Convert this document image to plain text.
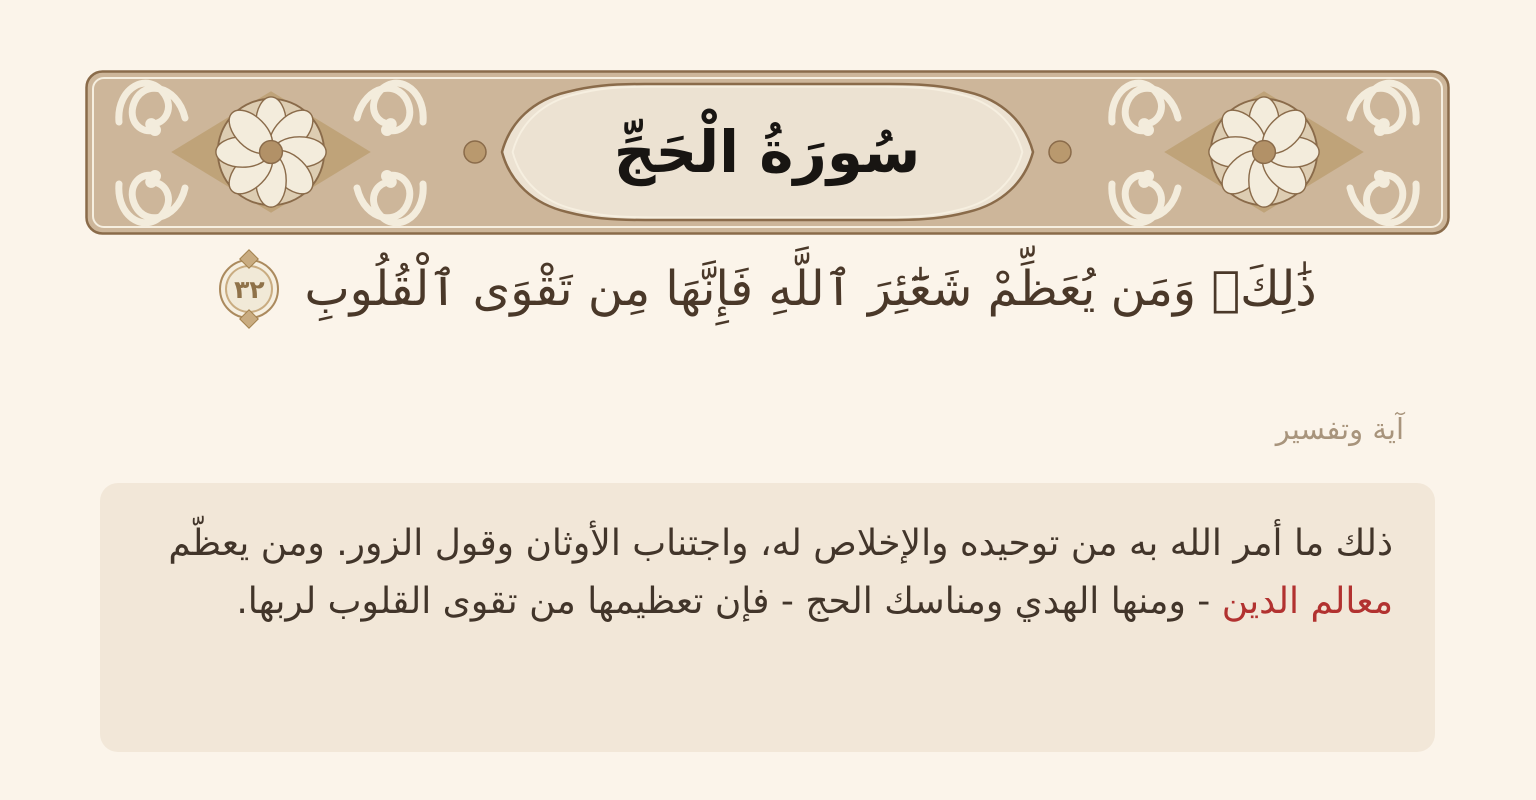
سُورَةُ الْحَجِّ
ذَٰلِكَۖ وَمَن يُعَظِّمْ شَعَٰٓئِرَ ٱللَّهِ فَإِنَّهَا مِن تَقْوَى ٱلْقُلُوبِ
٣٢
آية وتفسير

ذلك ما أمر الله به من توحيده والإخلاص له، واجتناب الأوثان وقول الزور. ومن يعظّم معالم الدين - ومنها الهدي ومناسك الحج - فإن تعظيمها من تقوى القلوب لربها.
